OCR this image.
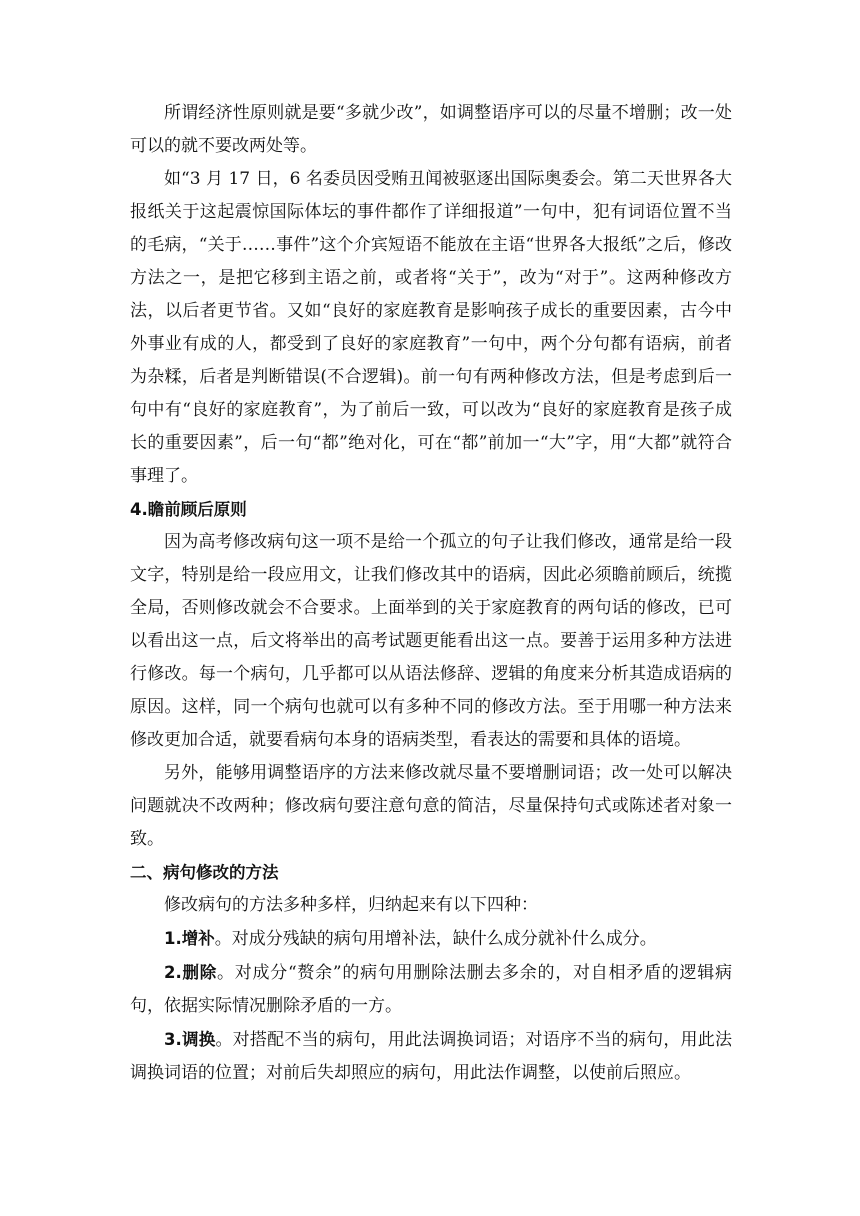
所谓经济性原则就是要“多就少改”，如调整语序可以的尽量不增删；改一处可以的就不要改两处等。

如“3 月 17 日，6 名委员因受贿丑闻被驱逐出国际奥委会。第二天世界各大报纸关于这起震惊国际体坛的事件都作了详细报道”一句中，犯有词语位置不当的毛病，“关于……事件”这个介宾短语不能放在主语“世界各大报纸”之后，修改方法之一，是把它移到主语之前，或者将“关于”，改为“对于”。这两种修改方法，以后者更节省。又如“良好的家庭教育是影响孩子成长的重要因素，古今中外事业有成的人，都受到了良好的家庭教育”一句中，两个分句都有语病，前者为杂糅，后者是判断错误(不合逻辑)。前一句有两种修改方法，但是考虑到后一句中有“良好的家庭教育”，为了前后一致，可以改为“良好的家庭教育是孩子成长的重要因素”，后一句“都”绝对化，可在“都”前加一“大”字，用“大都”就符合事理了。

4.瞻前顾后原则

因为高考修改病句这一项不是给一个孤立的句子让我们修改，通常是给一段文字，特别是给一段应用文，让我们修改其中的语病，因此必须瞻前顾后，统揽全局，否则修改就会不合要求。上面举到的关于家庭教育的两句话的修改，已可以看出这一点，后文将举出的高考试题更能看出这一点。要善于运用多种方法进行修改。每一个病句，几乎都可以从语法修辞、逻辑的角度来分析其造成语病的原因。这样，同一个病句也就可以有多种不同的修改方法。至于用哪一种方法来修改更加合适，就要看病句本身的语病类型，看表达的需要和具体的语境。

另外，能够用调整语序的方法来修改就尽量不要增删词语；改一处可以解决问题就决不改两种；修改病句要注意句意的简洁，尽量保持句式或陈述者对象一致。

二、病句修改的方法

修改病句的方法多种多样，归纳起来有以下四种：

1.增补。对成分残缺的病句用增补法，缺什么成分就补什么成分。

2.删除。对成分“赘余”的病句用删除法删去多余的，对自相矛盾的逻辑病句，依据实际情况删除矛盾的一方。

3.调换。对搭配不当的病句，用此法调换词语；对语序不当的病句，用此法调换词语的位置；对前后失却照应的病句，用此法作调整，以使前后照应。
